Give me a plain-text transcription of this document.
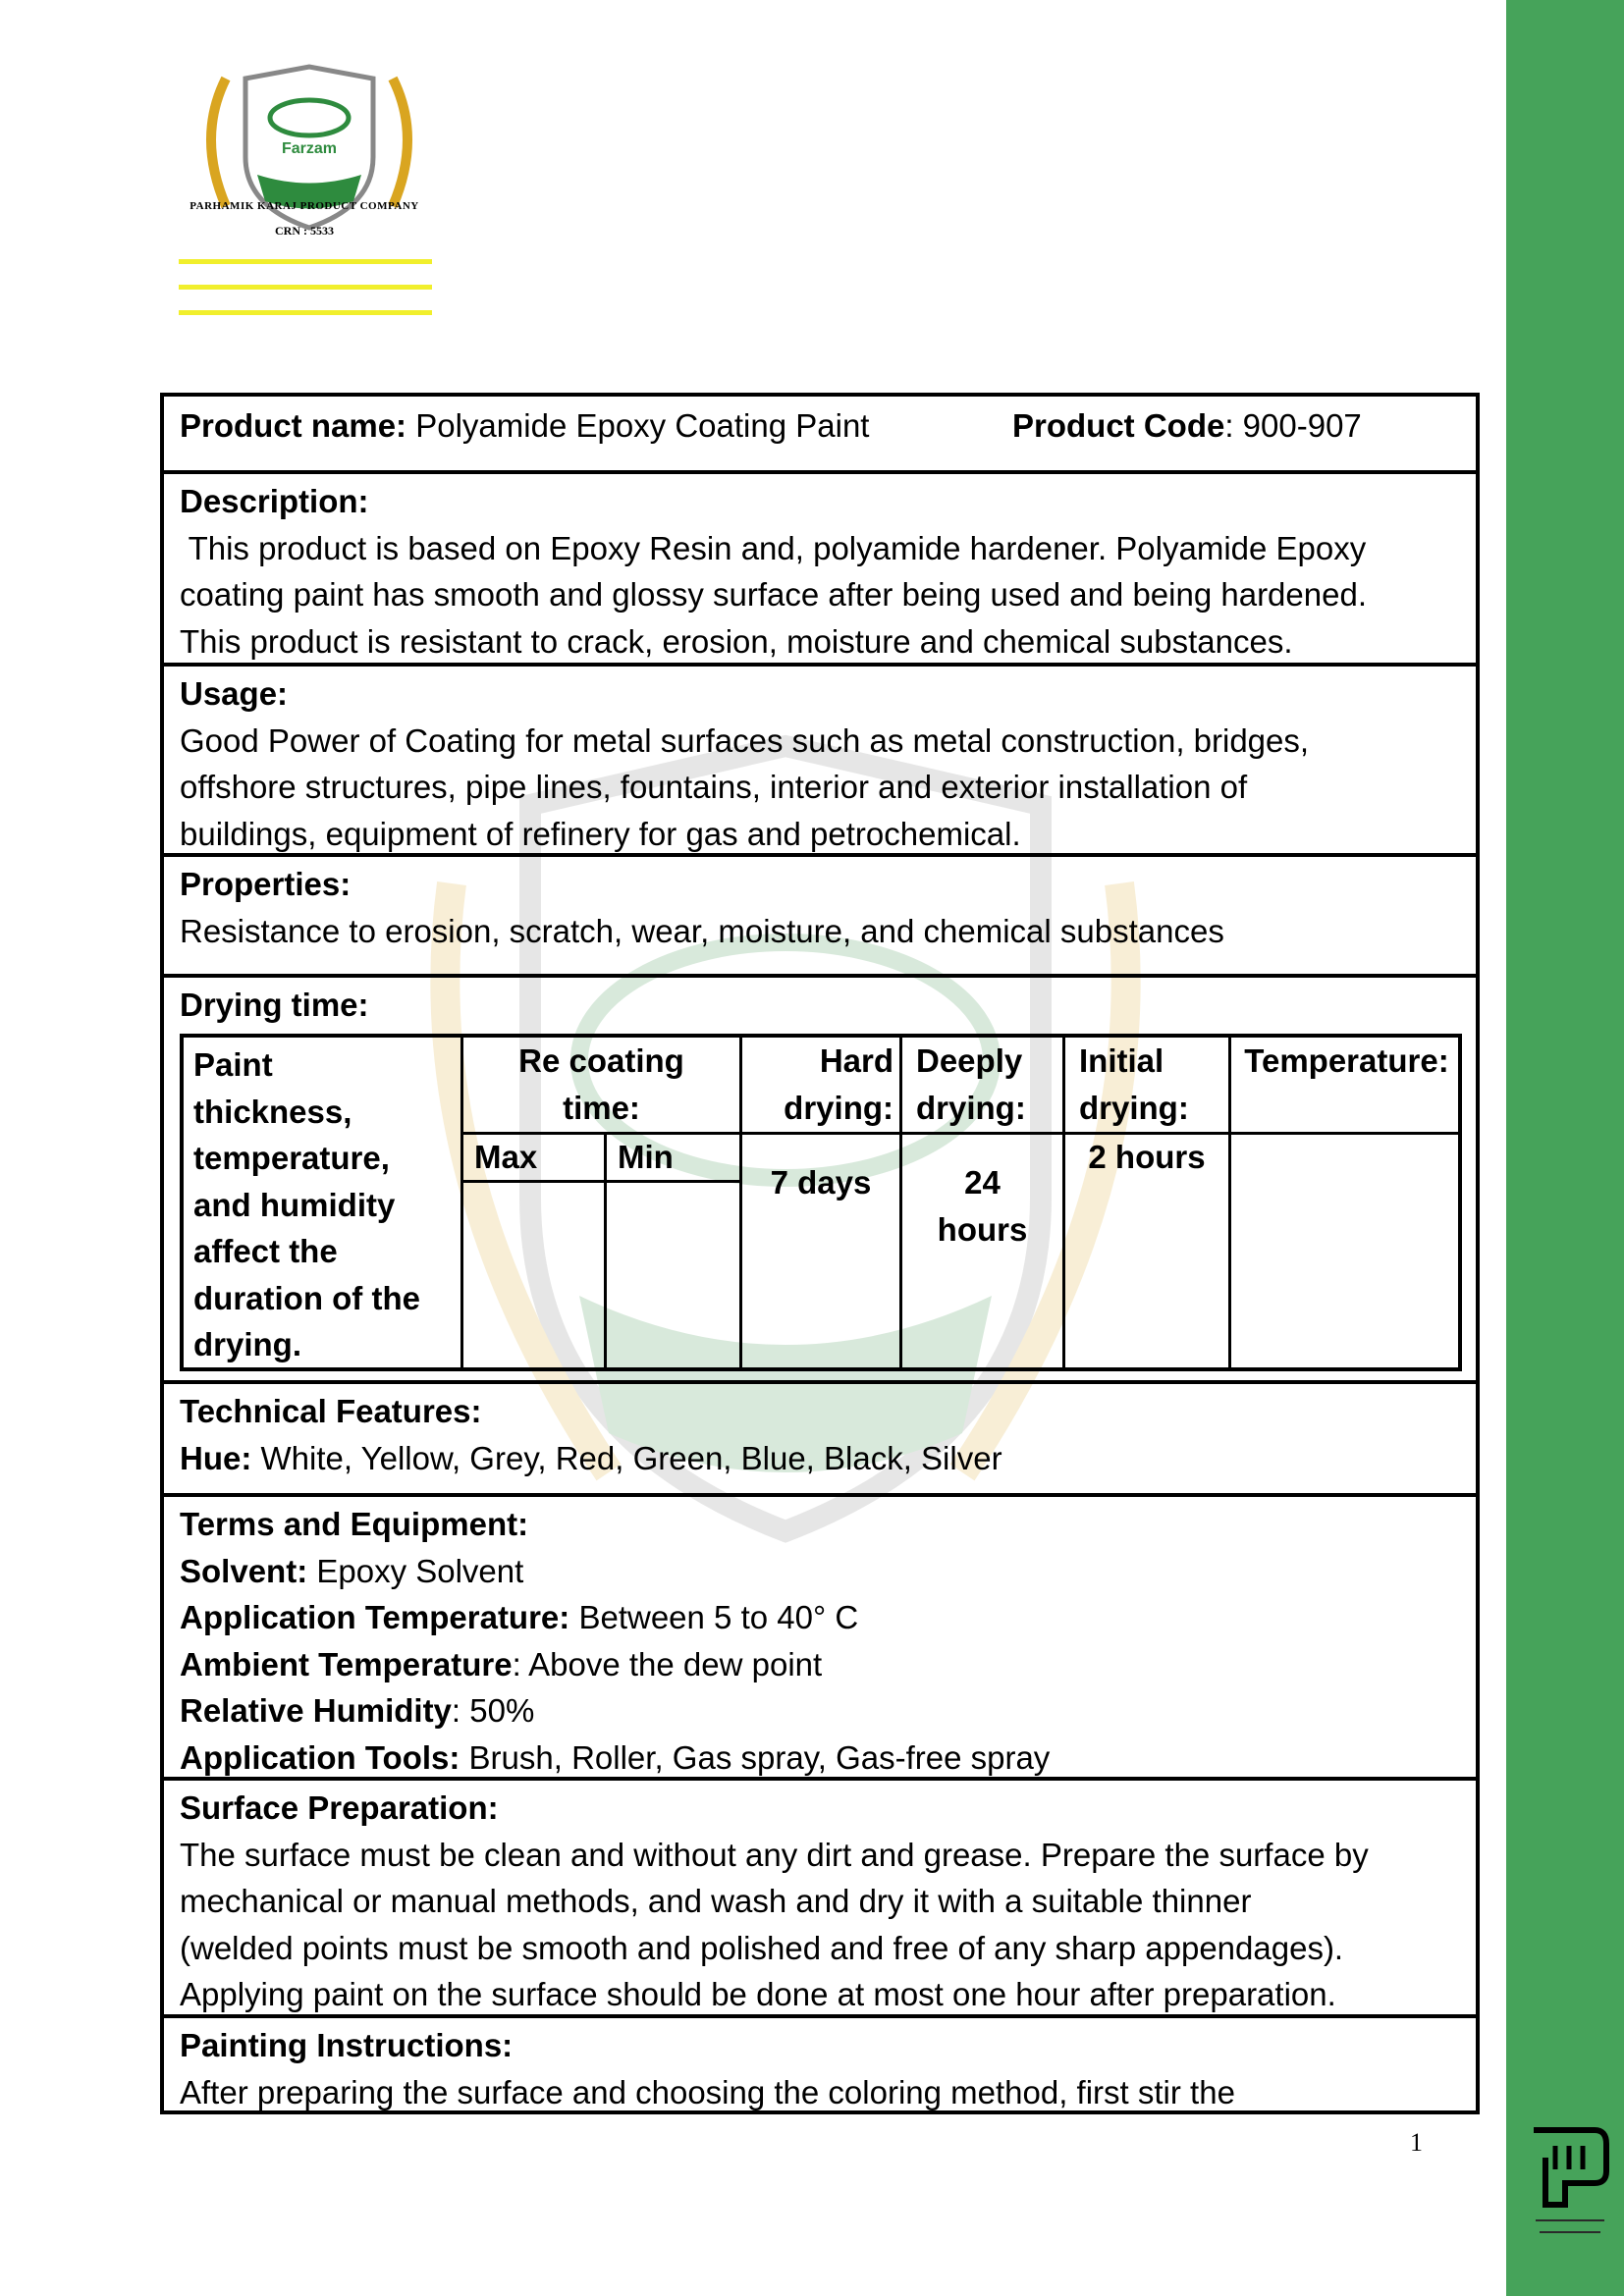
Farzam
PARHAMIK KARAJ PRODUCT COMPANY
CRN : 5533
Product name: Polyamide Epoxy Coating Paint	Product Code: 900-907
Description:
This product is based on Epoxy Resin and, polyamide hardener. Polyamide Epoxy
coating paint has smooth and glossy surface after being used and being hardened.
This product is resistant to crack, erosion, moisture and chemical substances.
Usage:
Good Power of Coating for metal surfaces such as metal construction, bridges,
offshore structures, pipe lines, fountains, interior and exterior installation of
buildings, equipment of refinery for gas and petrochemical.
Properties:
Resistance to erosion, scratch, wear, moisture, and chemical substances
Drying time:
Paint
thickness,
temperature,
and humidity
affect the
duration of the
drying.
Re coating
time:
Max Min
Hard
drying:
7 days
Deeply
drying:
24
hours
Initial
drying:
2 hours
Temperature:
Technical Features:
Hue: White, Yellow, Grey, Red, Green, Blue, Black, Silver
Terms and Equipment:
Solvent: Epoxy Solvent
Application Temperature: Between 5 to 40° C
Ambient Temperature: Above the dew point
Relative Humidity: 50%
Application Tools: Brush, Roller, Gas spray, Gas-free spray
Surface Preparation:
The surface must be clean and without any dirt and grease. Prepare the surface by
mechanical or manual methods, and wash and dry it with a suitable thinner
(welded points must be smooth and polished and free of any sharp appendages).
Applying paint on the surface should be done at most one hour after preparation.
Painting Instructions:
After preparing the surface and choosing the coloring method, first stir the
1
